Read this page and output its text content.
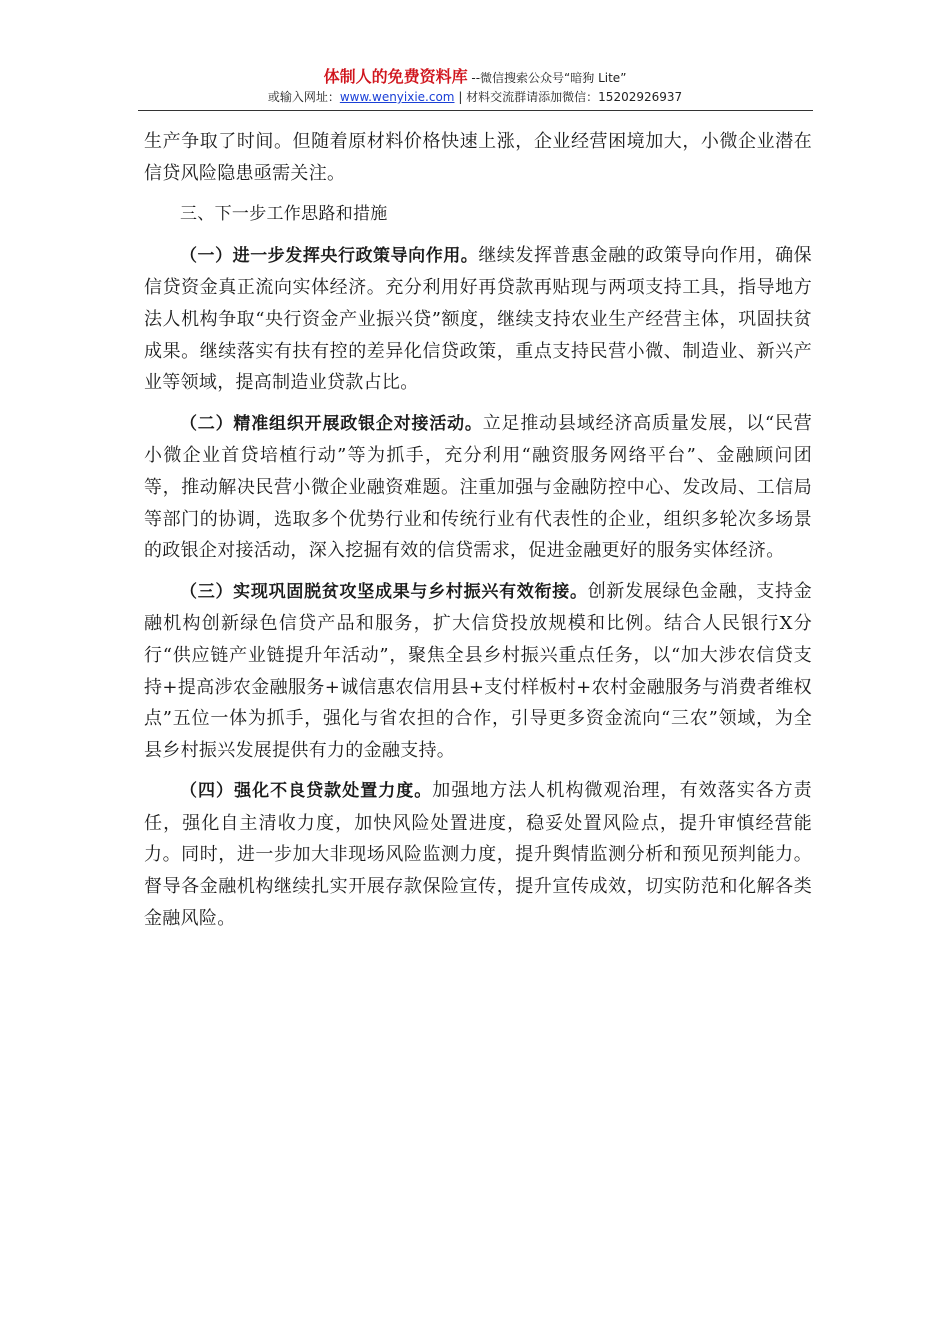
体制人的免费资料库 --微信搜索公众号“暗狗 Lite”
或输入网址：www.wenyixie.com | 材料交流群请添加微信：15202926937

生产争取了时间。但随着原材料价格快速上涨，企业经营困境加大，小微企业潜在信贷风险隐患亟需关注。

三、下一步工作思路和措施

（一）进一步发挥央行政策导向作用。继续发挥普惠金融的政策导向作用，确保信贷资金真正流向实体经济。充分利用好再贷款再贴现与两项支持工具，指导地方法人机构争取“央行资金产业振兴贷”额度，继续支持农业生产经营主体，巩固扶贫成果。继续落实有扶有控的差异化信贷政策，重点支持民营小微、制造业、新兴产业等领域，提高制造业贷款占比。

（二）精准组织开展政银企对接活动。立足推动县域经济高质量发展，以“民营小微企业首贷培植行动”等为抓手，充分利用“融资服务网络平台”、金融顾问团等，推动解决民营小微企业融资难题。注重加强与金融防控中心、发改局、工信局等部门的协调，选取多个优势行业和传统行业有代表性的企业，组织多轮次多场景的政银企对接活动，深入挖掘有效的信贷需求，促进金融更好的服务实体经济。

（三）实现巩固脱贫攻坚成果与乡村振兴有效衔接。创新发展绿色金融，支持金融机构创新绿色信贷产品和服务，扩大信贷投放规模和比例。结合人民银行X分行“供应链产业链提升年活动”，聚焦全县乡村振兴重点任务，以“加大涉农信贷支持+提高涉农金融服务+诚信惠农信用县+支付样板村+农村金融服务与消费者维权点”五位一体为抓手，强化与省农担的合作，引导更多资金流向“三农”领域，为全县乡村振兴发展提供有力的金融支持。

（四）强化不良贷款处置力度。加强地方法人机构微观治理，有效落实各方责任，强化自主清收力度，加快风险处置进度，稳妥处置风险点，提升审慎经营能力。同时，进一步加大非现场风险监测力度，提升舆情监测分析和预见预判能力。督导各金融机构继续扎实开展存款保险宣传，提升宣传成效，切实防范和化解各类金融风险。
